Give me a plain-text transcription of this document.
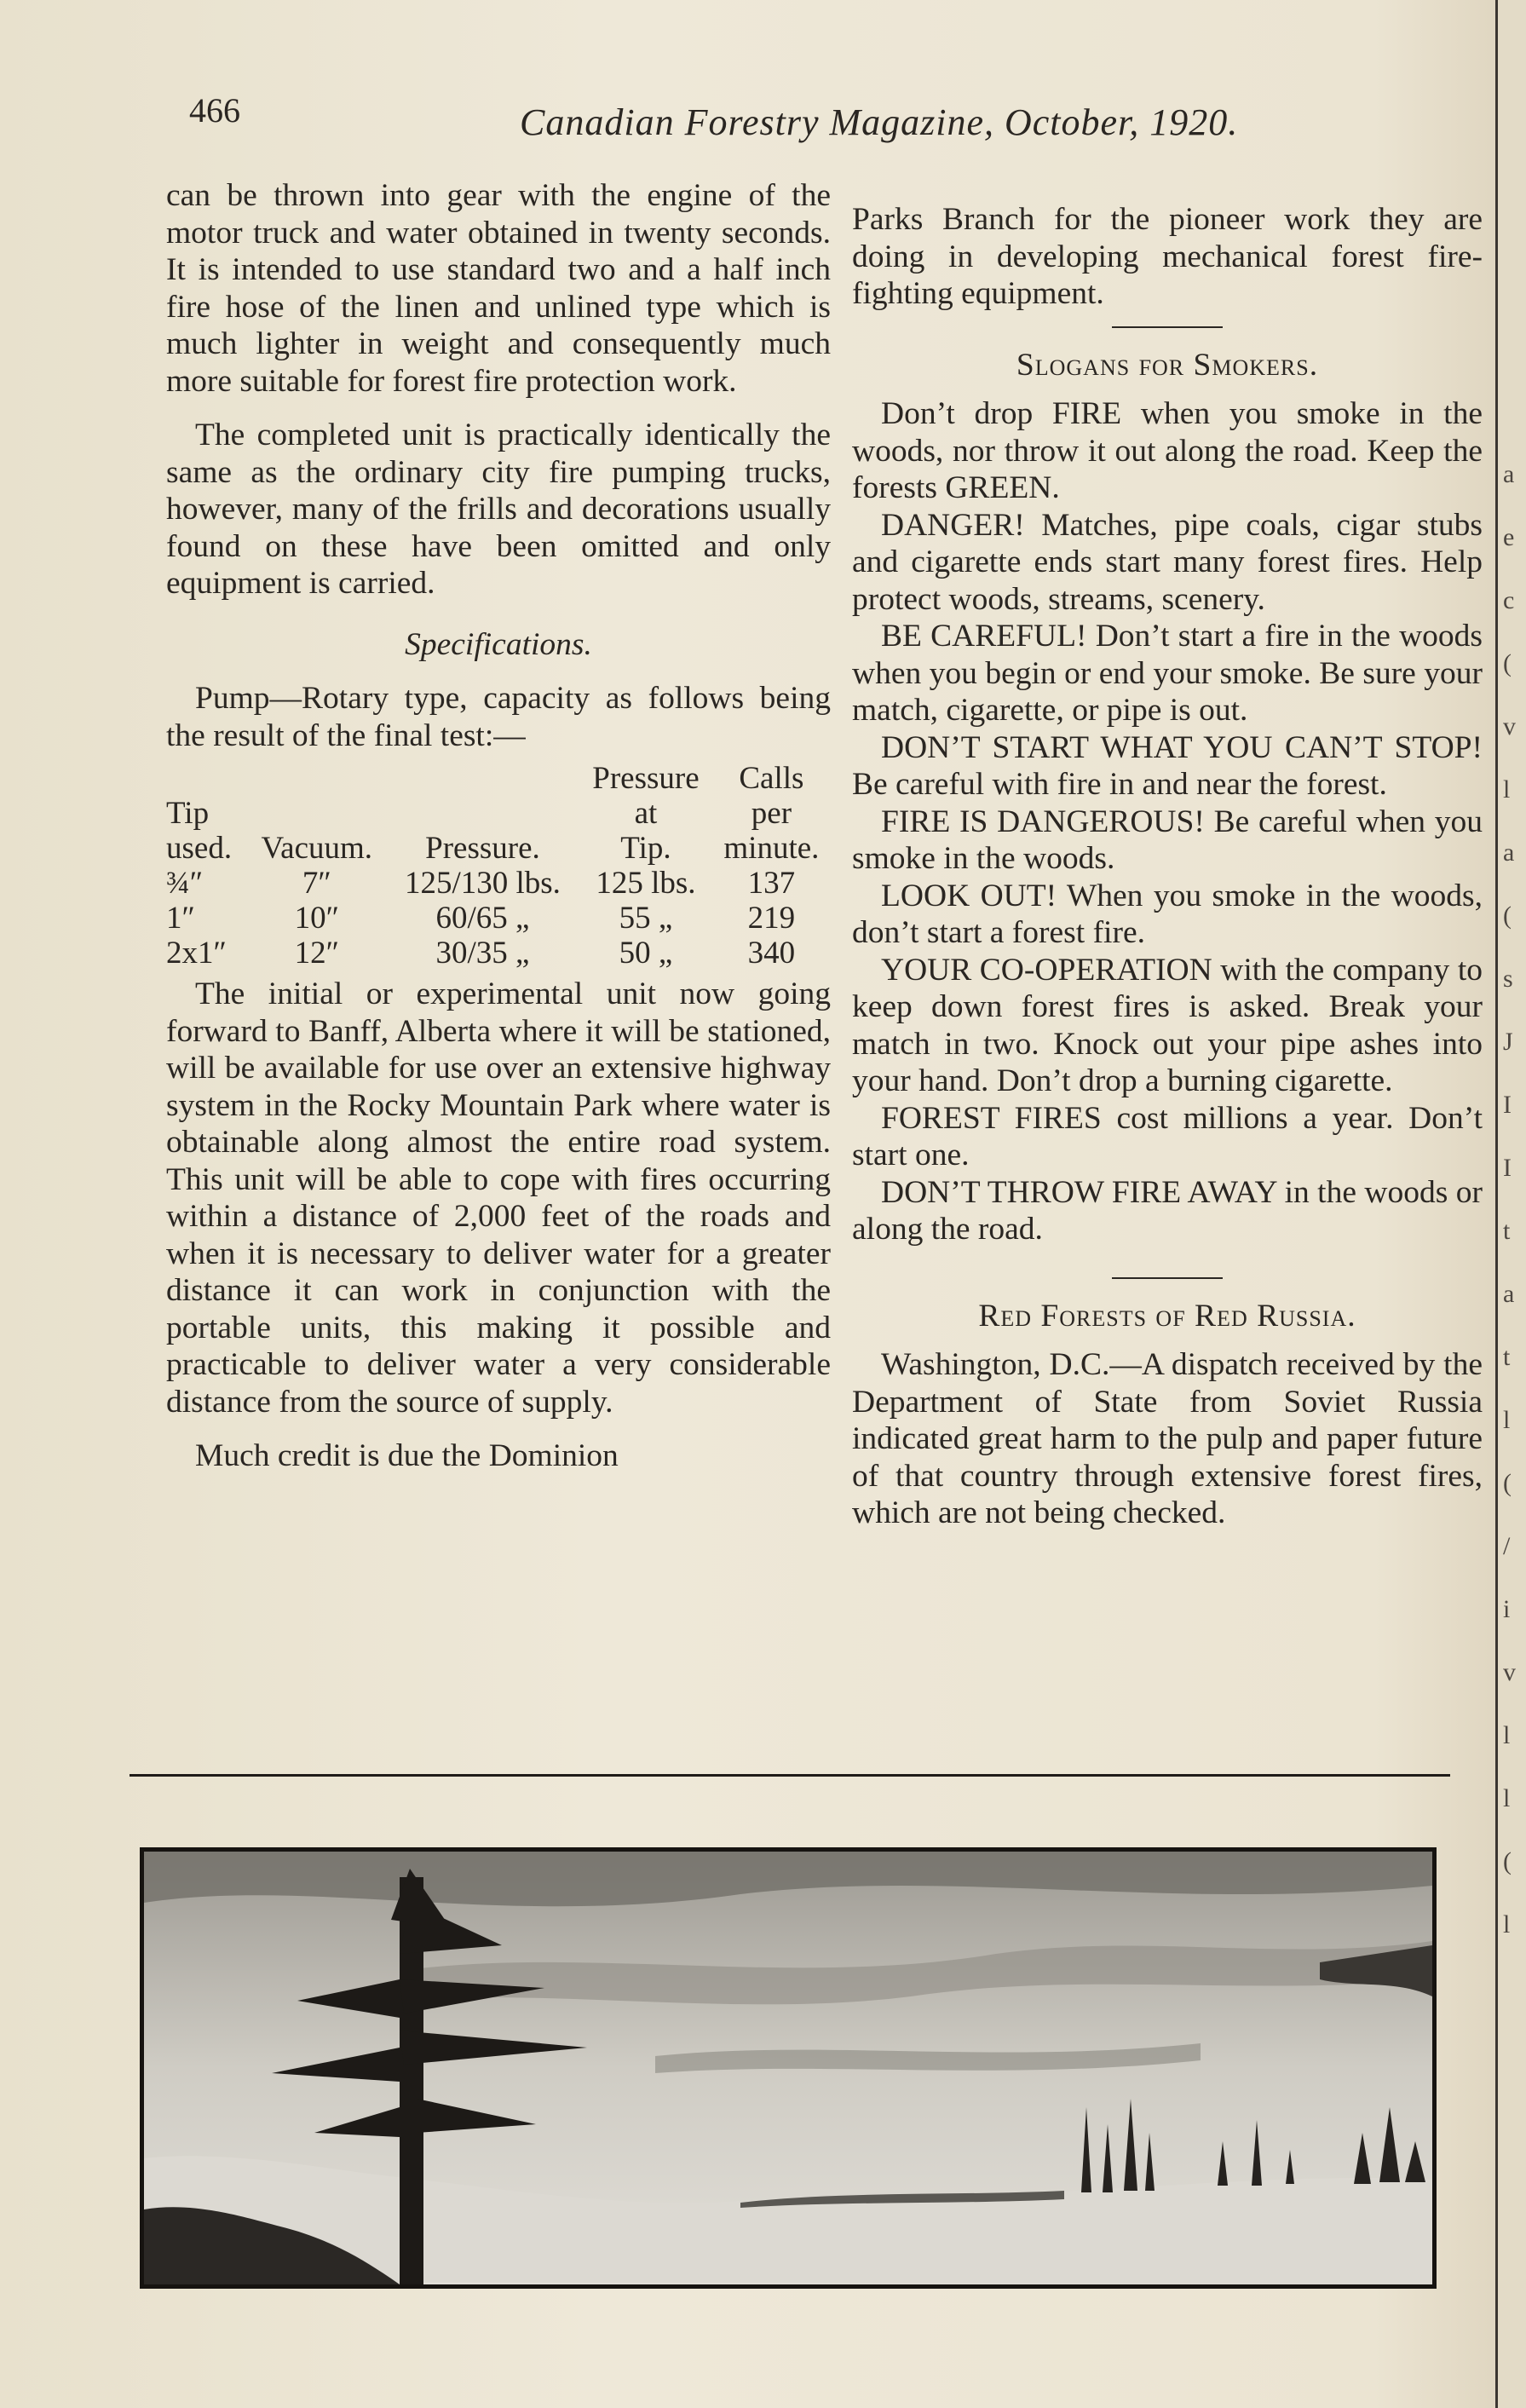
466	Canadian Forestry Magazine, October, 1920.

can be thrown into gear with the engine of the motor truck and water obtained in twenty seconds. It is intended to use standard two and a half inch fire hose of the linen and unlined type which is much lighter in weight and consequently much more suitable for forest fire protection work.

The completed unit is practically identically the same as the ordinary city fire pumping trucks, however, many of the frills and decorations usually found on these have been omitted and only equipment is carried.

Specifications.

Pump—Rotary type, capacity as follows being the result of the final test:—

			Pressure	Calls
Tip			at	per
used.	Vacuum.	Pressure.	Tip.	minute.
¾″	7″	125/130 lbs.	125 lbs.	137
1″	10″	60/65 „	55 „	219
2x1″	12″	30/35 „	50 „	340

The initial or experimental unit now going forward to Banff, Alberta where it will be stationed, will be available for use over an extensive highway system in the Rocky Mountain Park where water is obtainable along almost the entire road system. This unit will be able to cope with fires occurring within a distance of 2,000 feet of the roads and when it is necessary to deliver water for a greater distance it can work in conjunction with the portable units, this making it possible and practicable to deliver water a very considerable distance from the source of supply.

Much credit is due the Dominion

Parks Branch for the pioneer work they are doing in developing mechanical forest fire-fighting equipment.

Slogans for Smokers.

Don’t drop FIRE when you smoke in the woods, nor throw it out along the road. Keep the forests GREEN.

DANGER! Matches, pipe coals, cigar stubs and cigarette ends start many forest fires. Help protect woods, streams, scenery.

BE CAREFUL! Don’t start a fire in the woods when you begin or end your smoke. Be sure your match, cigarette, or pipe is out.

DON’T START WHAT YOU CAN’T STOP! Be careful with fire in and near the forest.

FIRE IS DANGEROUS! Be careful when you smoke in the woods.

LOOK OUT! When you smoke in the woods, don’t start a forest fire.

YOUR CO-OPERATION with the company to keep down forest fires is asked. Break your match in two. Knock out your pipe ashes into your hand. Don’t drop a burning cigarette.

FOREST FIRES cost millions a year. Don’t start one.

DON’T THROW FIRE AWAY in the woods or along the road.

Red Forests of Red Russia.

Washington, D.C.—A dispatch received by the Department of State from Soviet Russia indicated great harm to the pulp and paper future of that country through extensive forest fires, which are not being checked.

a
e
c
(
v
l
a
(
s
J
I
I
t
a
t
l
(
/
i
v
l
l
(
l
